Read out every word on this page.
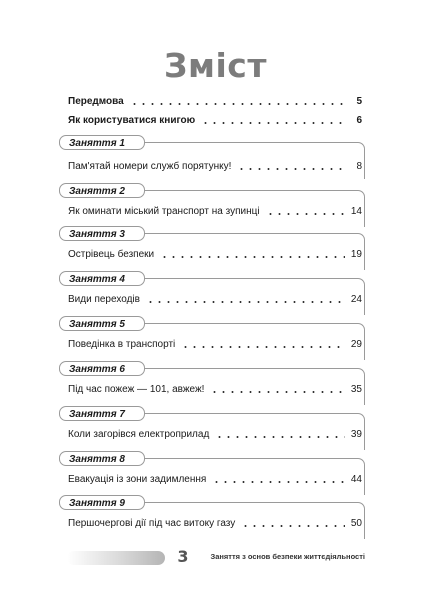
Зміст
Передмова	5
Як користуватися книгою	6
Заняття 1
Пам'ятай номери служб порятунку!	8
Заняття 2
Як оминати міський транспорт на зупинці	14
Заняття 3
Острівець безпеки	19
Заняття 4
Види переходів	24
Заняття 5
Поведінка в транспорті	29
Заняття 6
Під час пожеж — 101, авжеж!	35
Заняття 7
Коли загорівся електроприлад	39
Заняття 8
Евакуація із зони задимлення	44
Заняття 9
Першочергові дії під час витоку газу	50
3	Заняття з основ безпеки життєдіяльності
